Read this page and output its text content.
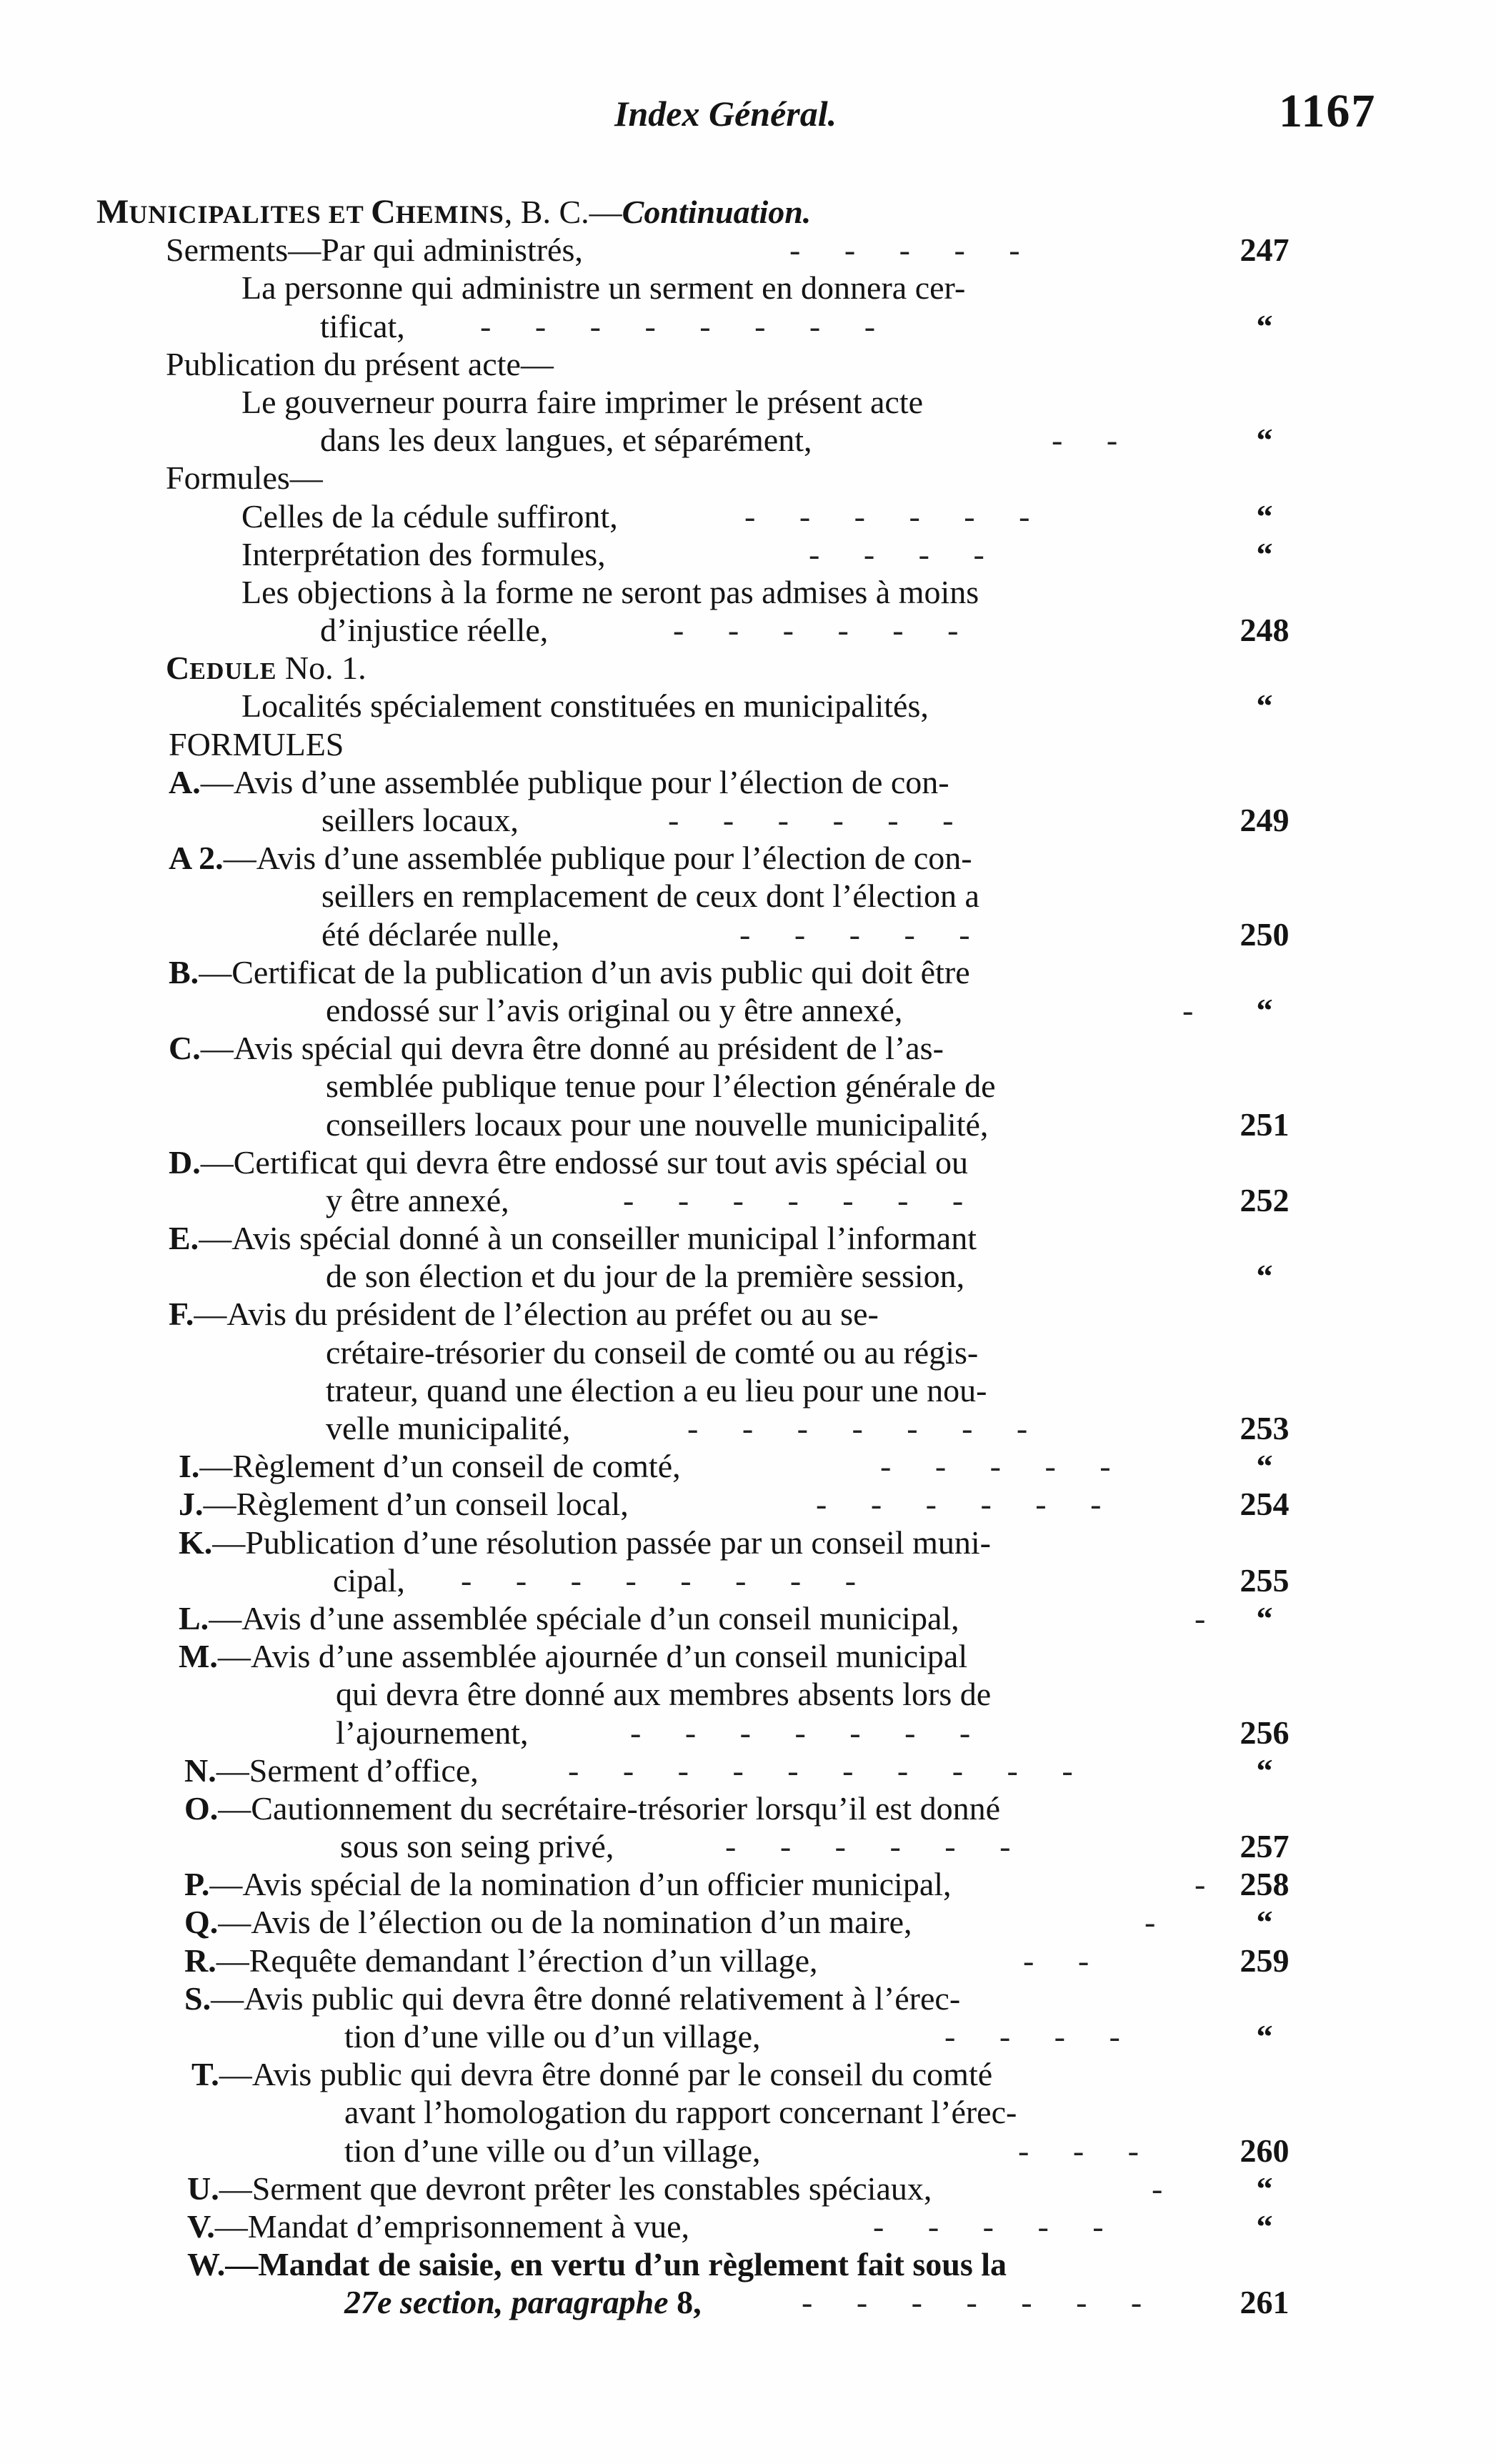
Index Général.	1167
MUNICIPALITES ET CHEMINS, B. C.—Continuation.
Serments—Par qui administrés,	- - - - -	247
La personne qui administre un serment en donnera cer-
tificat, - - - - - - - -	“
Publication du présent acte—
Le gouverneur pourra faire imprimer le présent acte
dans les deux langues, et séparément,	- -	“
Formules—
Celles de la cédule suffiront,	- - - - - -	“
Interprétation des formules,	- - - -	“
Les objections à la forme ne seront pas admises à moins
d’injustice réelle,	- - - - - -	248
CEDULE No. 1.
Localités spécialement constituées en municipalités,	“
FORMULES
A.—Avis d’une assemblée publique pour l’élection de con-
seillers locaux,	- - - - - -	249
A 2.—Avis d’une assemblée publique pour l’élection de con-
seillers en remplacement de ceux dont l’élection a
été déclarée nulle,	- - - - -	250
B.—Certificat de la publication d’un avis public qui doit être
endossé sur l’avis original ou y être annexé,	-	“
C.—Avis spécial qui devra être donné au président de l’as-
semblée publique tenue pour l’élection générale de
conseillers locaux pour une nouvelle municipalité,	251
D.—Certificat qui devra être endossé sur tout avis spécial ou
y être annexé,	- - - - - - -	252
E.—Avis spécial donné à un conseiller municipal l’informant
de son élection et du jour de la première session,	“
F.—Avis du président de l’élection au préfet ou au se-
crétaire-trésorier du conseil de comté ou au régis-
trateur, quand une élection a eu lieu pour une nou-
velle municipalité,	- - - - - - -	253
I.—Règlement d’un conseil de comté,	- - - - -	“
J.—Règlement d’un conseil local,	- - - - - -	254
K.—Publication d’une résolution passée par un conseil muni-
cipal, - - - - - - - -	255
L.—Avis d’une assemblée spéciale d’un conseil municipal,	-	“
M.—Avis d’une assemblée ajournée d’un conseil municipal
qui devra être donné aux membres absents lors de
l’ajournement,	- - - - - - -	256
N.—Serment d’office,	- - - - - - - - - -	“
O.—Cautionnement du secrétaire-trésorier lorsqu’il est donné
sous son seing privé,	- - - - - -	257
P.—Avis spécial de la nomination d’un officier municipal,	-	258
Q.—Avis de l’élection ou de la nomination d’un maire,	-	“
R.—Requête demandant l’érection d’un village,	- -	259
S.—Avis public qui devra être donné relativement à l’érec-
tion d’une ville ou d’un village,	- - - -	“
T.—Avis public qui devra être donné par le conseil du comté
avant l’homologation du rapport concernant l’érec-
tion d’une ville ou d’un village,	- - -	260
U.—Serment que devront prêter les constables spéciaux,	-	“
V.—Mandat d’emprisonnement à vue,	- - - - -	“
W.—Mandat de saisie, en vertu d’un règlement fait sous la
27e section, paragraphe 8,	- - - - - - -	261
